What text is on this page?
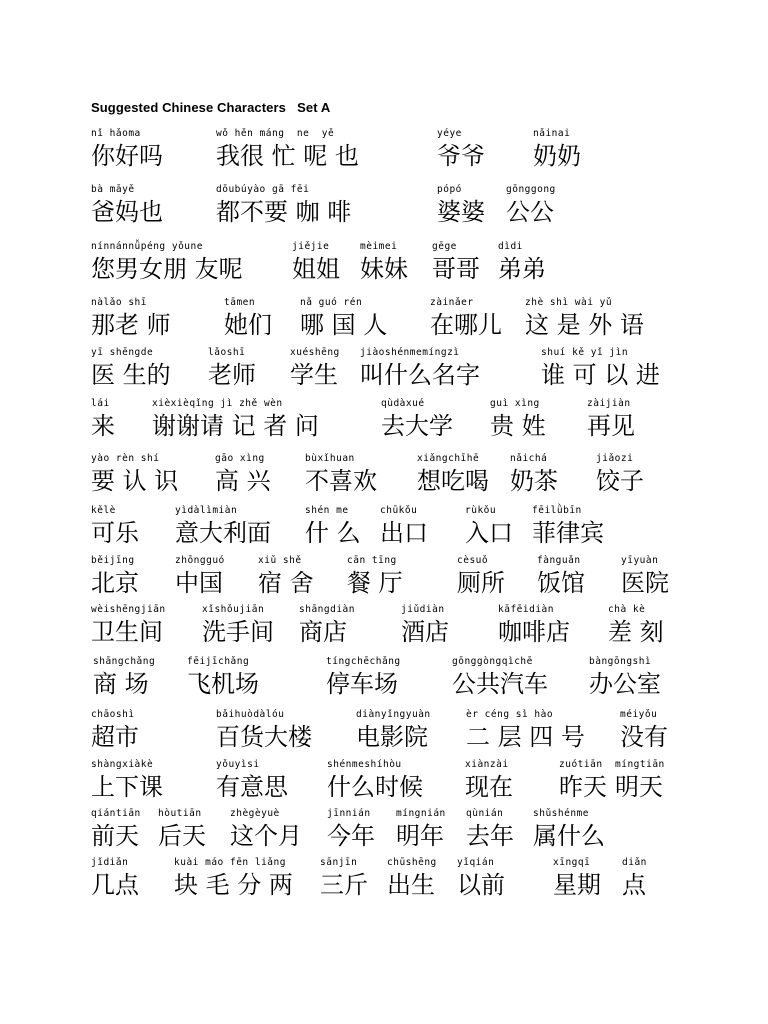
Suggested Chinese Characters   Set A
nǐ hǎoma
你好吗
wǒ hěn máng  ne  yě
我很 忙 呢 也
yéye
爷爷
nǎinai
奶奶
bà māyě
爸妈也
dōubúyào gā fēi
都不要 咖 啡
pópó
婆婆
gōnggong
公公
nínnánnǚpéng yǒune
您男女朋 友呢
jiějie
姐姐
mèimei
妹妹
gēge
哥哥
dìdi
弟弟
nàlǎo shī
那老 师
tāmen
她们
nǎ guó rén
哪 国 人
zàinǎer
在哪儿
zhè shì wài yǔ
这 是 外 语
yī shēngde
医 生的
lǎoshī
老师
xuéshēng
学生
jiàoshénmemíngzì
叫什么名字
shuí kě yǐ jìn
谁 可 以 进
lái
来
xièxièqǐng jì zhě wèn
谢谢请 记 者 问
qùdàxué
去大学
guì xìng
贵 姓
zàijiàn
再见
yào rèn shí
要 认 识
gāo xìng
高 兴
bùxǐhuan
不喜欢
xiǎngchīhē
想吃喝
nǎichá
奶茶
jiǎozi
饺子
kělè
可乐
yìdàlìmiàn
意大利面
shén me
什 么
chūkǒu
出口
rùkǒu
入口
fēilǜbīn
菲律宾
běijīng
北京
zhōngguó
中国
xiǔ shě
宿 舍
cān tīng
餐 厅
cèsuǒ
厕所
fànguǎn
饭馆
yīyuàn
医院
wèishēngjiān
卫生间
xǐshǒujiān
洗手间
shāngdiàn
商店
jiǔdiàn
酒店
kāfēidiàn
咖啡店
chà kè
差 刻
shāngchǎng
商 场
fēijīchǎng
飞机场
tíngchēchǎng
停车场
gōnggòngqìchē
公共汽车
bàngōngshì
办公室
chāoshì
超市
bǎihuòdàlóu
百货大楼
diànyǐngyuàn
电影院
èr céng sì hào
二 层 四 号
méiyǒu
没有
shàngxiàkè
上下课
yǒuyìsi
有意思
shénmeshíhòu
什么时候
xiànzài
现在
zuótiān
昨天
míngtiān
明天
qiántiān
前天
hòutiān
后天
zhègèyuè
这个月
jīnnián
今年
míngnián
明年
qùnián
去年
shǔshénme
属什么
jǐdiǎn
几点
kuài máo fēn liǎng
块 毛 分 两
sānjīn
三斤
chūshēng
出生
yǐqián
以前
xīngqī
星期
diǎn
点
